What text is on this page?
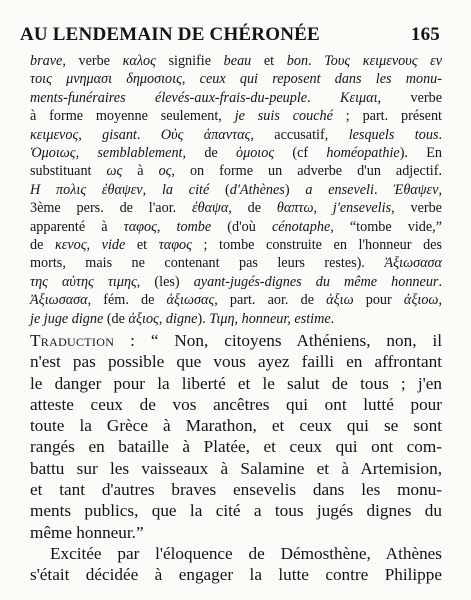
AU LENDEMAIN DE CHÉRONÉE	165
brave, verbe καλος signifie beau et bon. Τους κειμενους εν
τοις μνημασι δημοσιοις, ceux qui reposent dans les monu-
ments-funéraires élevés-aux-frais-du-peuple. Κειμαι, verbe
à forme moyenne seulement, je suis couché ; part. présent
κειμενος, gisant. Οὐς ἁπαντας, accusatif, lesquels tous.
Ὁμοιως, semblablement, de ὁμοιος (cf homéopathie). En
substituant ως à ος, on forme un adverbe d'un adjectif.
Η πολις ἐθαψεν, la cité (d'Athènes) a enseveli. Ἐθαψεν,
3ème pers. de l'aor. ἐθαψα, de θαπτω, j'ensevelis, verbe
apparenté à ταφος, tombe (d'où cénotaphe, “tombe vide,”
de κενος, vide et ταφος ; tombe construite en l'honneur des
morts, mais ne contenant pas leurs restes). Ἀξιωσασα
της αὑτης τιμης, (les) ayant-jugés-dignes du même honneur.
Ἀξιωσασα, fém. de ἀξιωσας, part. aor. de ἀξιω pour ἀξιοω,
je juge digne (de ἀξιος, digne). Τιμη, honneur, estime.
Traduction : “ Non, citoyens Athéniens, non, il
n'est pas possible que vous ayez failli en affrontant
le danger pour la liberté et le salut de tous ; j'en
atteste ceux de vos ancêtres qui ont lutté pour
toute la Grèce à Marathon, et ceux qui se sont
rangés en bataille à Platée, et ceux qui ont com-
battu sur les vaisseaux à Salamine et à Artemision,
et tant d'autres braves ensevelis dans les monu-
ments publics, que la cité a tous jugés dignes du
même honneur.”
Excitée par l'éloquence de Démosthène, Athènes
s'était décidée à engager la lutte contre Philippe
